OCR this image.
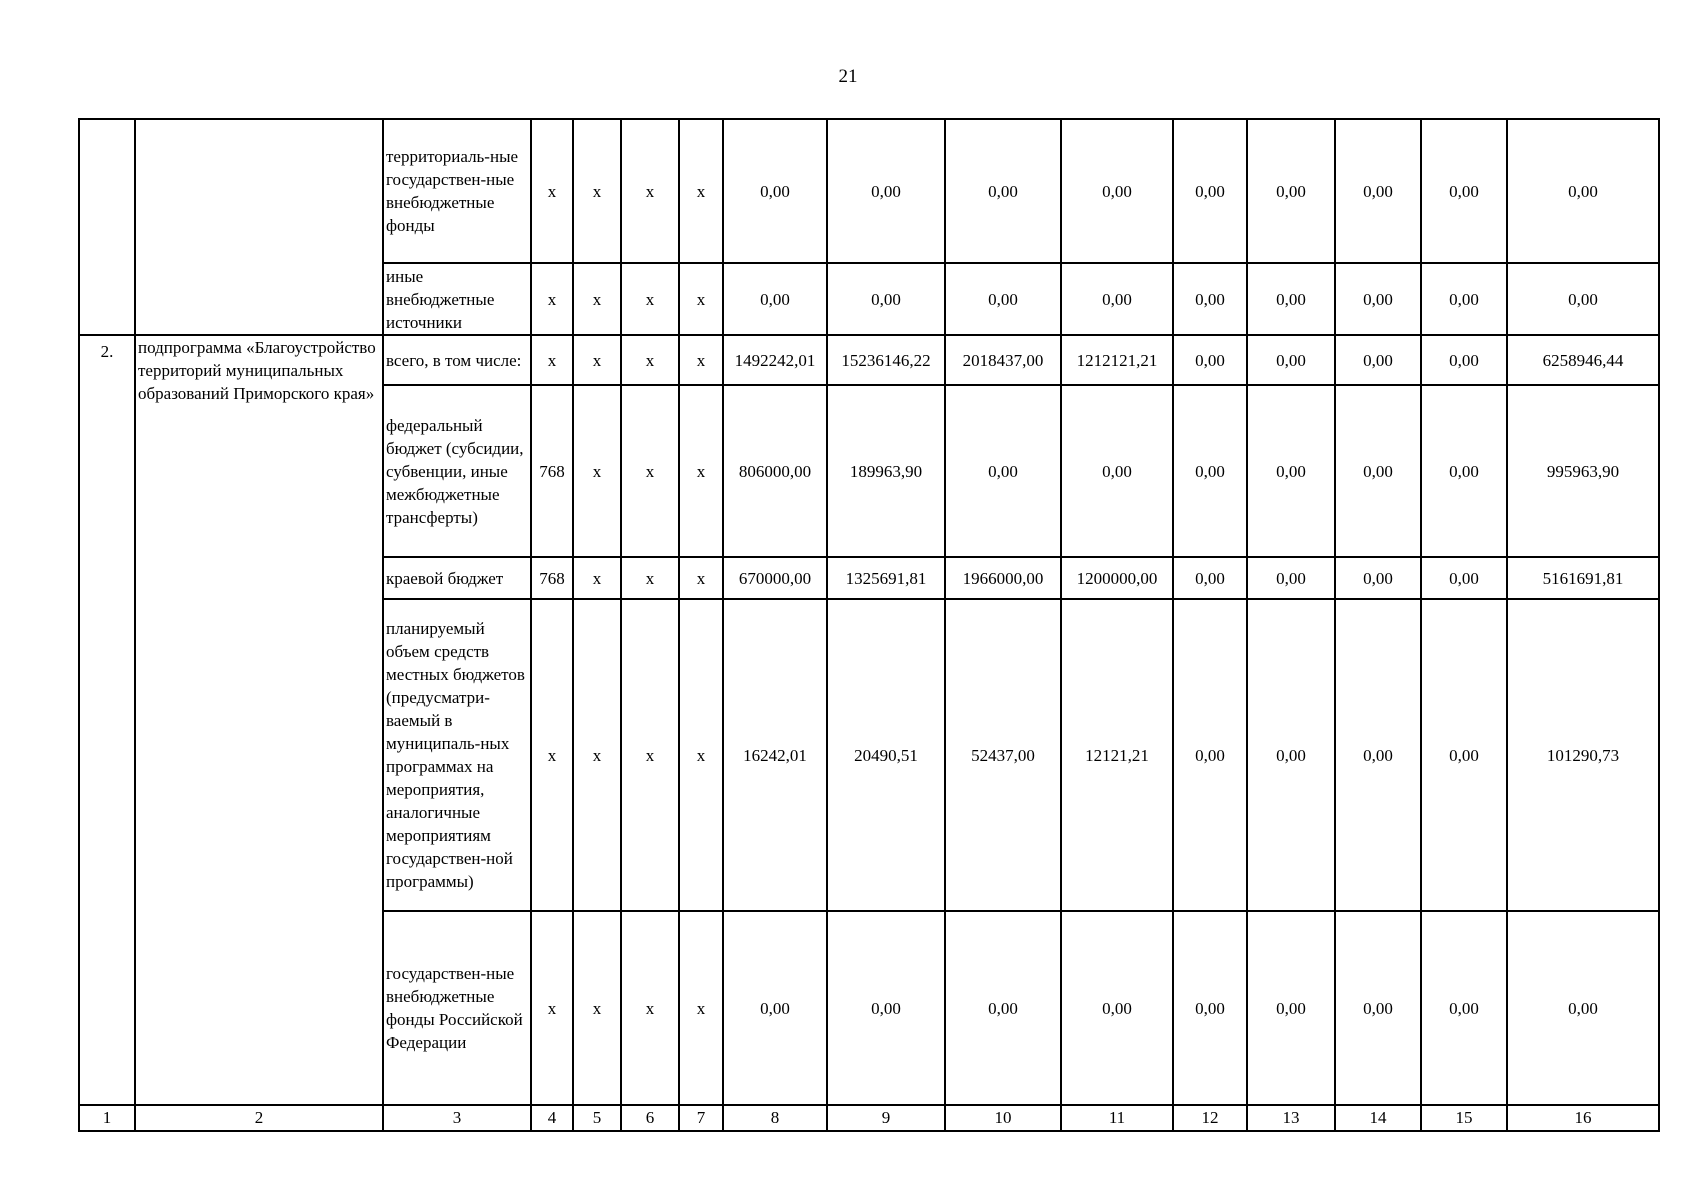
21
		территориаль-ные государствен-ные внебюджетные фонды	х	х	х	х	0,00	0,00	0,00	0,00	0,00	0,00	0,00	0,00	0,00
		иные внебюджетные источники	х	х	х	х	0,00	0,00	0,00	0,00	0,00	0,00	0,00	0,00	0,00
2.	подпрограмма «Благоустройство территорий муниципальных образований Приморского края»	всего, в том числе:	х	х	х	х	1492242,01	15236146,22	2018437,00	1212121,21	0,00	0,00	0,00	0,00	6258946,44
		федеральный бюджет (субсидии, субвенции, иные межбюджетные трансферты)	768	х	х	х	806000,00	189963,90	0,00	0,00	0,00	0,00	0,00	0,00	995963,90
		краевой бюджет	768	х	х	х	670000,00	1325691,81	1966000,00	1200000,00	0,00	0,00	0,00	0,00	5161691,81
		планируемый объем средств местных бюджетов (предусматри-ваемый в муниципаль-ных программах на мероприятия, аналогичные мероприятиям государствен-ной программы)	х	х	х	х	16242,01	20490,51	52437,00	12121,21	0,00	0,00	0,00	0,00	101290,73
		государствен-ные внебюджетные фонды Российской Федерации	х	х	х	х	0,00	0,00	0,00	0,00	0,00	0,00	0,00	0,00	0,00
1	2	3	4	5	6	7	8	9	10	11	12	13	14	15	16
